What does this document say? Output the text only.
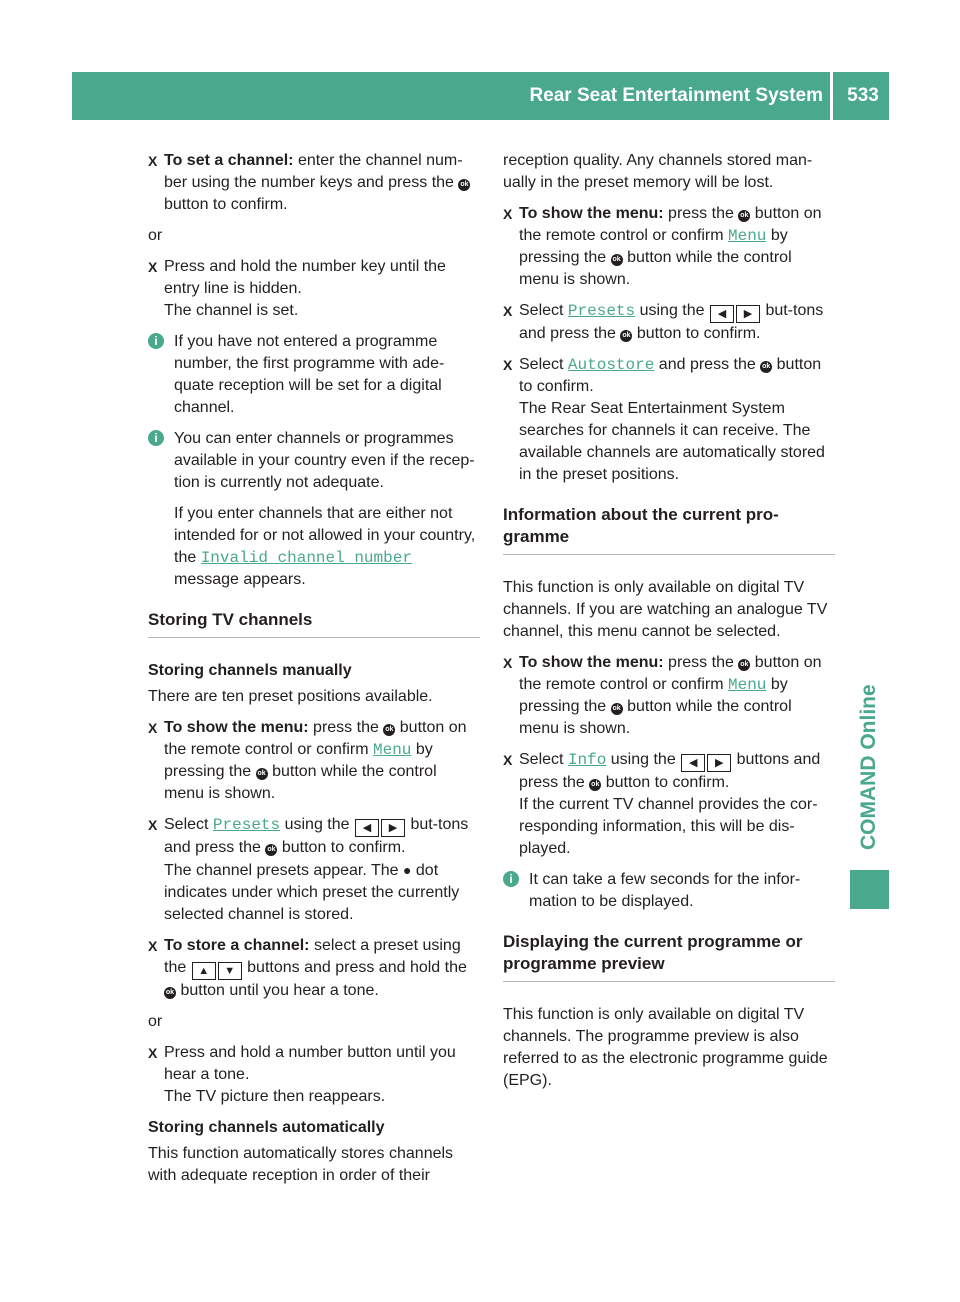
Rear Seat Entertainment System	533
COMAND Online
X To set a channel: enter the channel num-ber using the number keys and press the ok button to confirm.

or

X Press and hold the number key until the entry line is hidden.
The channel is set.
i	If you have not entered a programme number, the first programme with ade-quate reception will be set for a digital channel.
i	You can enter channels or programmes available in your country even if the recep-tion is currently not adequate.

If you enter channels that are either not intended for or not allowed in your country, the Invalid channel number message appears.
Storing TV channels
Storing channels manually

There are ten preset positions available.

X To show the menu: press the ok button on the remote control or confirm Menu by pressing the ok button while the control menu is shown.
X Select Presets using the ◀ ▶ but-tons and press the ok button to confirm.
The channel presets appear. The ● dot indicates under which preset the currently selected channel is stored.
X To store a channel: select a preset using the ▲ ▼ buttons and press and hold the ok button until you hear a tone.

or

X Press and hold a number button until you hear a tone.
The TV picture then reappears.
Storing channels automatically

This function automatically stores channels with adequate reception in order of their

reception quality. Any channels stored man-ually in the preset memory will be lost.

X To show the menu: press the ok button on the remote control or confirm Menu by pressing the ok button while the control menu is shown.
X Select Presets using the ◀ ▶ but-tons and press the ok button to confirm.
X Select Autostore and press the ok button to confirm.
The Rear Seat Entertainment System searches for channels it can receive. The available channels are automatically stored in the preset positions.
Information about the current pro-gramme

This function is only available on digital TV channels. If you are watching an analogue TV channel, this menu cannot be selected.

X To show the menu: press the ok button on the remote control or confirm Menu by pressing the ok button while the control menu is shown.
X Select Info using the ◀ ▶ buttons and press the ok button to confirm.
If the current TV channel provides the cor-responding information, this will be dis-played.
i	It can take a few seconds for the infor-mation to be displayed.
Displaying the current programme or programme preview

This function is only available on digital TV channels. The programme preview is also referred to as the electronic programme guide (EPG).
